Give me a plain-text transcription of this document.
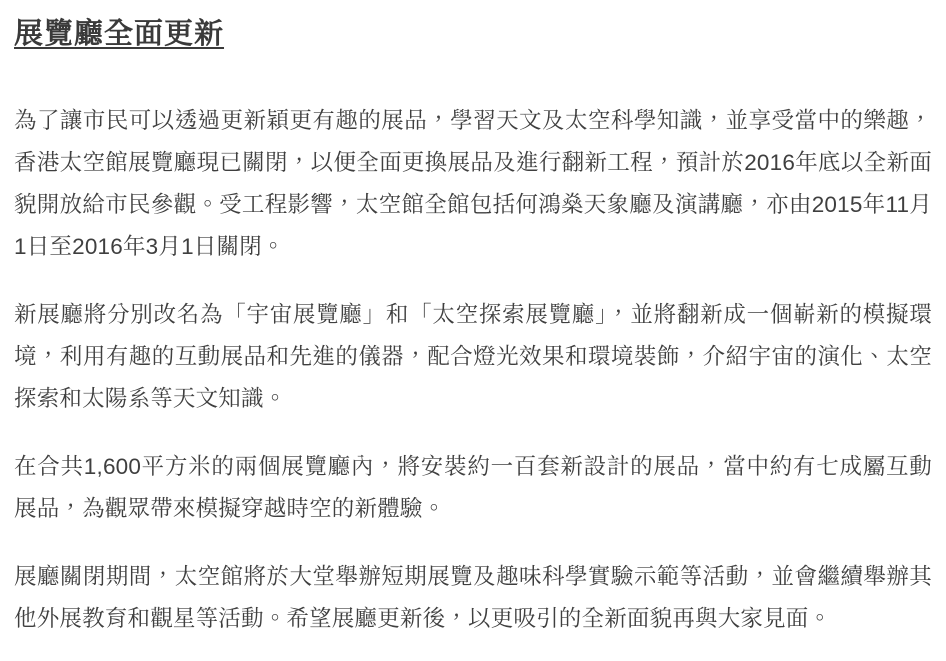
展覽廳全面更新

為了讓市民可以透過更新穎更有趣的展品，學習天文及太空科學知識，並享受當中的樂趣，香港太空館展覽廳現已關閉，以便全面更換展品及進行翻新工程，預計於2016年底以全新面貌開放給市民參觀。受工程影響，太空館全館包括何鴻燊天象廳及演講廳，亦由2015年11月1日至2016年3月1日關閉。

新展廳將分別改名為「宇宙展覽廳」和「太空探索展覽廳」，並將翻新成一個嶄新的模擬環境，利用有趣的互動展品和先進的儀器，配合燈光效果和環境裝飾，介紹宇宙的演化、太空探索和太陽系等天文知識。

在合共1,600平方米的兩個展覽廳內，將安裝約一百套新設計的展品，當中約有七成屬互動展品，為觀眾帶來模擬穿越時空的新體驗。

展廳關閉期間，太空館將於大堂舉辦短期展覽及趣味科學實驗示範等活動，並會繼續舉辦其他外展教育和觀星等活動。希望展廳更新後，以更吸引的全新面貌再與大家見面。
